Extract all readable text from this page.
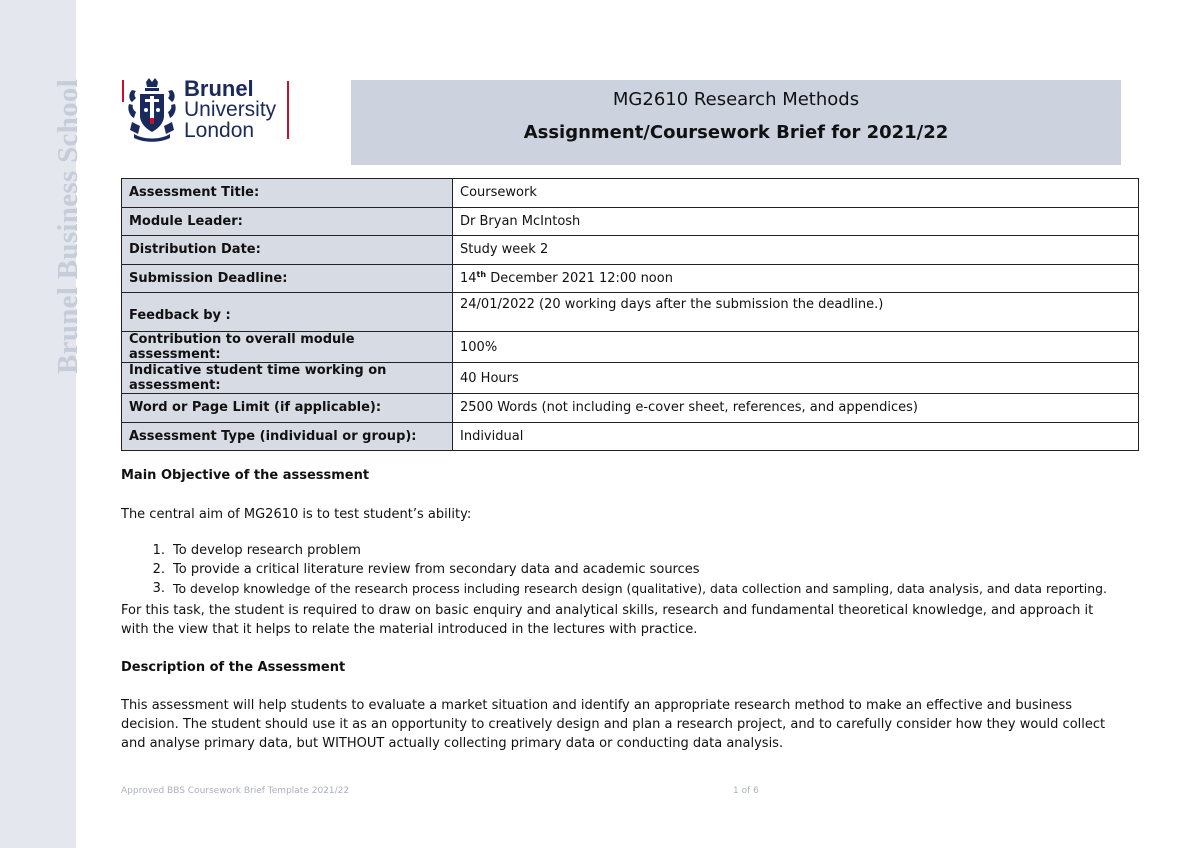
Brunel Business School	Brunel
University
London
MG2610 Research Methods
Assignment/Coursework Brief for 2021/22
Assessment Title:	Coursework
Module Leader:	Dr Bryan McIntosh
Distribution Date:	Study week 2
Submission Deadline:	14th December 2021 12:00 noon
Feedback by :	24/01/2022 (20 working days after the submission the deadline.)
Contribution to overall module assessment:	100%
Indicative student time working on assessment:	40 Hours
Word or Page Limit (if applicable):	2500 Words (not including e-cover sheet, references, and appendices)
Assessment Type (individual or group):	Individual
Main Objective of the assessment
The central aim of MG2610 is to test student’s ability:
1. To develop research problem
2. To provide a critical literature review from secondary data and academic sources
3. To develop knowledge of the research process including research design (qualitative), data collection and sampling, data analysis, and data reporting.
For this task, the student is required to draw on basic enquiry and analytical skills, research and fundamental theoretical knowledge, and approach it with the view that it helps to relate the material introduced in the lectures with practice.
Description of the Assessment
This assessment will help students to evaluate a market situation and identify an appropriate research method to make an effective and business decision. The student should use it as an opportunity to creatively design and plan a research project, and to carefully consider how they would collect and analyse primary data, but WITHOUT actually collecting primary data or conducting data analysis.
Approved BBS Coursework Brief Template 2021/22	1 of 6
